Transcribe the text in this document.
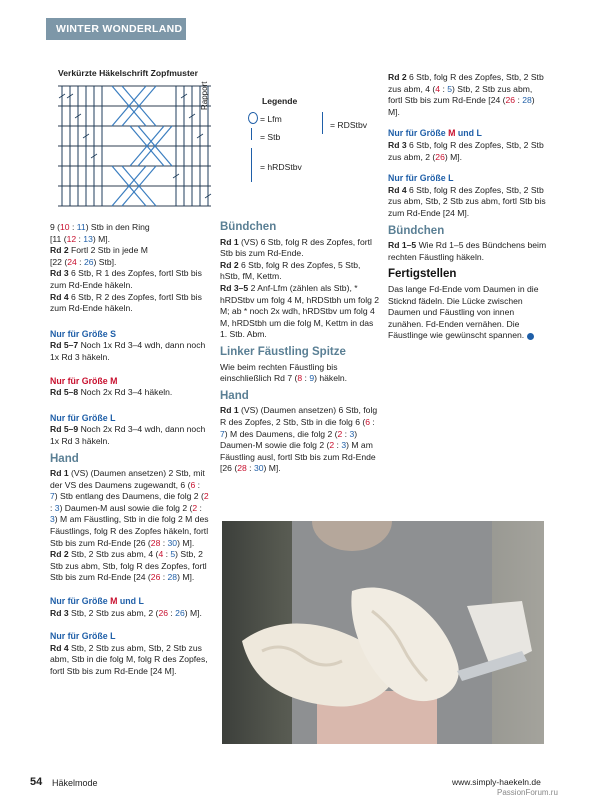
WINTER WONDERLAND
Verkürzte Häkelschrift Zopfmuster
Rapport	Legende
= Lfm
= Stb
= hRDStbv
= RDStbv

9 (10 : 11) Stb in den Ring
[11 (12 : 13) M].
Rd 2 Fortl 2 Stb in jede M
[22 (24 : 26) Stb].
Rd 3 6 Stb, R 1 des Zopfes, fortl Stb bis zum Rd-Ende häkeln.
Rd 4 6 Stb, R 2 des Zopfes, fortl Stb bis zum Rd-Ende häkeln.

Nur für Größe S

Rd 5–7 Noch 1x Rd 3–4 wdh, dann noch 1x Rd 3 häkeln.

Nur für Größe M

Rd 5–8 Noch 2x Rd 3–4 häkeln.

Nur für Größe L

Rd 5–9 Noch 2x Rd 3–4 wdh, dann noch 1x Rd 3 häkeln.

Hand

Rd 1 (VS) (Daumen ansetzen) 2 Stb, mit der VS des Daumens zugewandt, 6 (6 : 7) Stb entlang des Daumens, die folg 2 (2 : 3) Daumen-M ausl sowie die folg 2 (2 : 3) M am Fäustling, Stb in die folg 2 M des Fäustlings, folg R des Zopfes häkeln, fortl Stb bis zum Rd-Ende [26 (28 : 30) M].
Rd 2 Stb, 2 Stb zus abm, 4 (4 : 5) Stb, 2 Stb zus abm, Stb, folg R des Zopfes, fortl Stb bis zum Rd-Ende [24 (26 : 28) M].

Nur für Größe M und L

Rd 3 Stb, 2 Stb zus abm, 2 (26 : 26) M].

Nur für Größe L

Rd 4 Stb, 2 Stb zus abm, Stb, 2 Stb zus abm, Stb in die folg M, folg R des Zopfes, fortl Stb bis zum Rd-Ende [24 M].

Bündchen

Rd 1 (VS) 6 Stb, folg R des Zopfes, fortl Stb bis zum Rd-Ende.
Rd 2 6 Stb, folg R des Zopfes, 5 Stb, hStb, fM, Kettm.
Rd 3–5 2 Anf-Lfm (zählen als Stb), * hRDStbv um folg 4 M, hRDStbh um folg 2 M; ab * noch 2x wdh, hRDStbv um folg 4 M, hRDStbh um die folg M, Kettm in das 1. Stb. Abm.

Linker Fäustling Spitze

Wie beim rechten Fäustling bis einschließlich Rd 7 (8 : 9) häkeln.

Hand

Rd 1 (VS) (Daumen ansetzen) 6 Stb, folg R des Zopfes, 2 Stb, Stb in die folg 6 (6 : 7) M des Daumens, die folg 2 (2 : 3) Daumen-M sowie die folg 2 (2 : 3) M am Fäustling ausl, fortl Stb bis zum Rd-Ende [26 (28 : 30) M].

Rd 2 6 Stb, folg R des Zopfes, Stb, 2 Stb zus abm, 4 (4 : 5) Stb, 2 Stb zus abm, fortl Stb bis zum Rd-Ende [24 (26 : 28) M].

Nur für Größe M und L

Rd 3 6 Stb, folg R des Zopfes, Stb, 2 Stb zus abm, 2 (26) M].

Nur für Größe L

Rd 4 6 Stb, folg R des Zopfes, Stb, 2 Stb zus abm, Stb, 2 Stb zus abm, fortl Stb bis zum Rd-Ende [24 M].

Bündchen

Rd 1–5 Wie Rd 1–5 des Bündchens beim rechten Fäustling häkeln.

Fertigstellen

Das lange Fd-Ende vom Daumen in die Sticknd fädeln. Die Lücke zwischen Daumen und Fäustling von innen zunähen. Fd-Enden vernähen. Die Fäustlinge wie gewünscht spannen.

54 Häkelmode	www.simply-haekeln.de
PassionForum.ru
